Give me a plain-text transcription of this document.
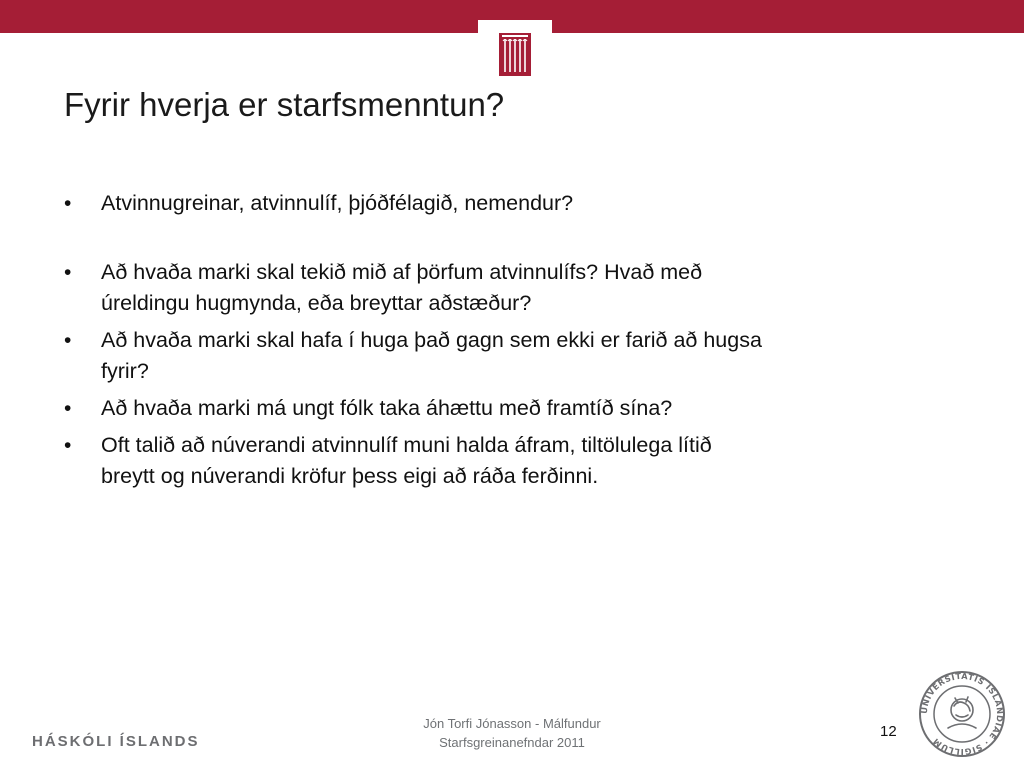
Fyrir hverja er starfsmenntun?
• Atvinnugreinar, atvinnulíf, þjóðfélagið, nemendur?
• Að hvaða marki skal tekið mið af þörfum atvinnulífs? Hvað með
úreldingu hugmynda, eða breyttar aðstæður?
• Að hvaða marki skal hafa í huga það gagn sem ekki er farið að hugsa
fyrir?
• Að hvaða marki má ungt fólk taka áhættu með framtíð sína?
• Oft talið að núverandi atvinnulíf muni halda áfram, tiltölulega lítið
breytt og núverandi kröfur þess eigi að ráða ferðinni.
HÁSKÓLI ÍSLANDS
Jón Torfi Jónasson - Málfundur
Starfsgreinanefndar 2011
12
UNIVERSITATIS ISLANDIAE · SIGILLUM
